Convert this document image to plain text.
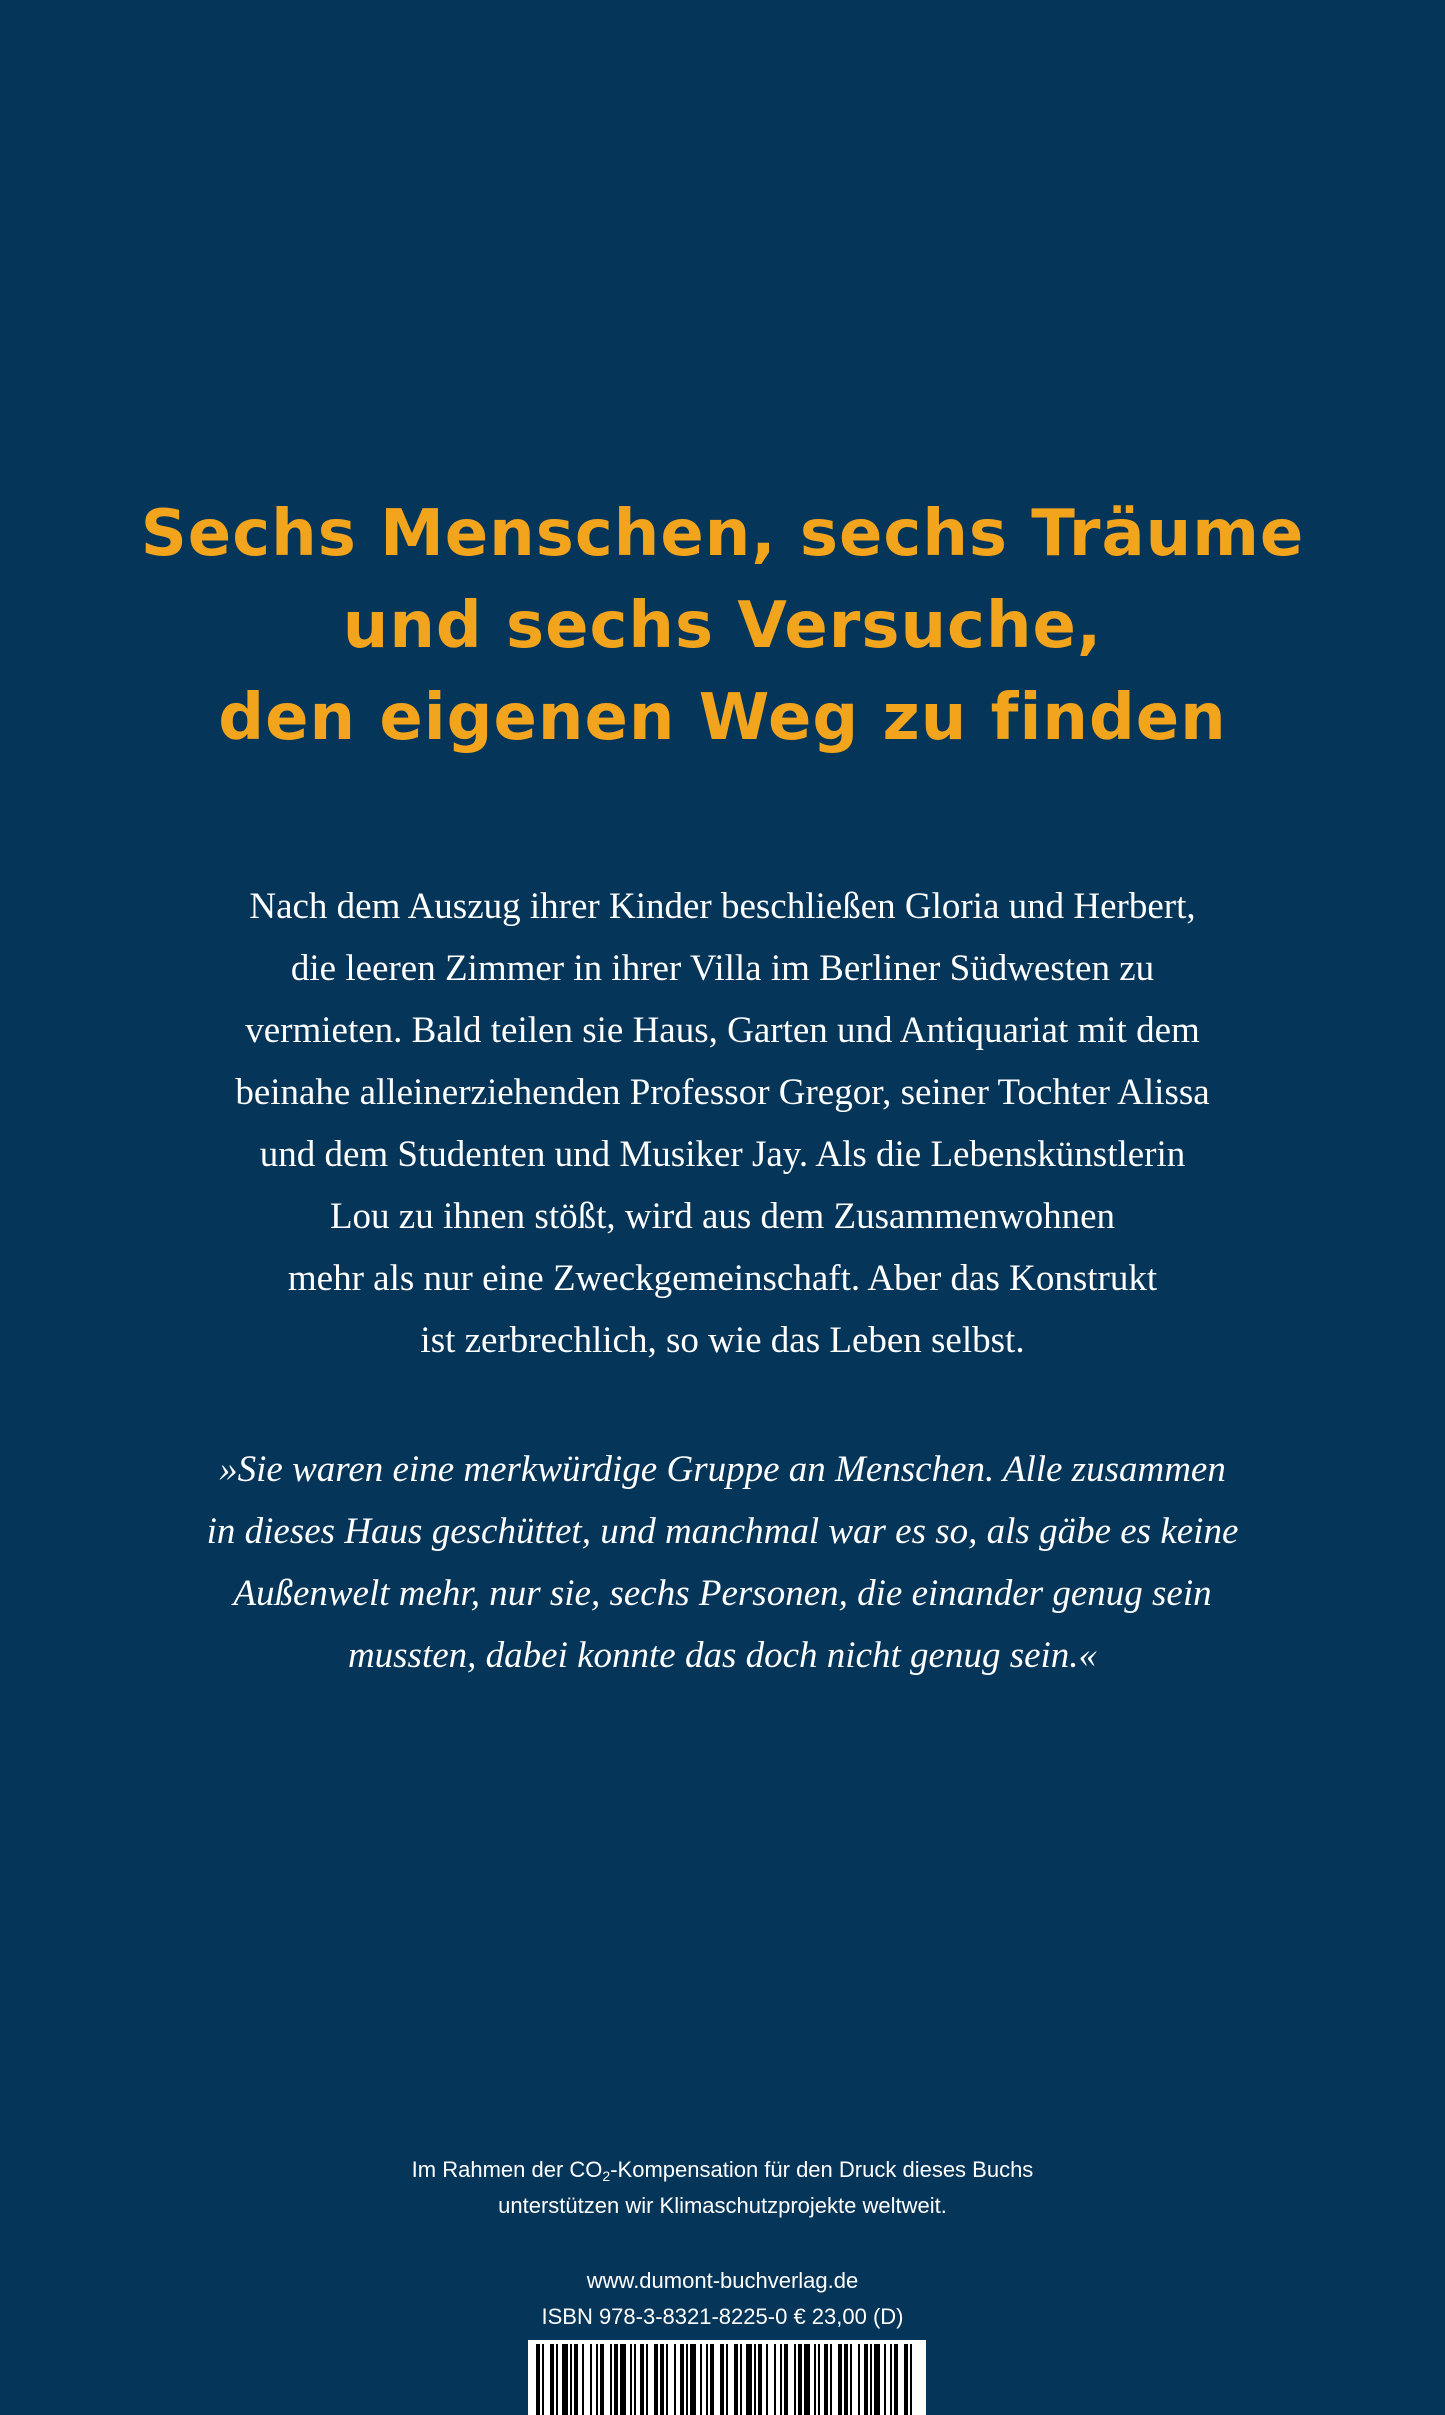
Sechs Menschen, sechs Träume
und sechs Versuche,
den eigenen Weg zu finden
Nach dem Auszug ihrer Kinder beschließen Gloria und Herbert,
die leeren Zimmer in ihrer Villa im Berliner Südwesten zu
vermieten. Bald teilen sie Haus, Garten und Antiquariat mit dem
beinahe alleinerziehenden Professor Gregor, seiner Tochter Alissa
und dem Studenten und Musiker Jay. Als die Lebenskünstlerin
Lou zu ihnen stößt, wird aus dem Zusammenwohnen
mehr als nur eine Zweckgemeinschaft. Aber das Konstrukt
ist zerbrechlich, so wie das Leben selbst.
»Sie waren eine merkwürdige Gruppe an Menschen. Alle zusammen
in dieses Haus geschüttet, und manchmal war es so, als gäbe es keine
Außenwelt mehr, nur sie, sechs Personen, die einander genug sein
mussten, dabei konnte das doch nicht genug sein.«
Im Rahmen der $CO_2$-Kompensation für den Druck dieses Buchs
unterstützen wir Klimaschutzprojekte weltweit.
www.dumont-buchverlag.de
ISBN 978-3-8321-8225-0 € 23,00 (D)
